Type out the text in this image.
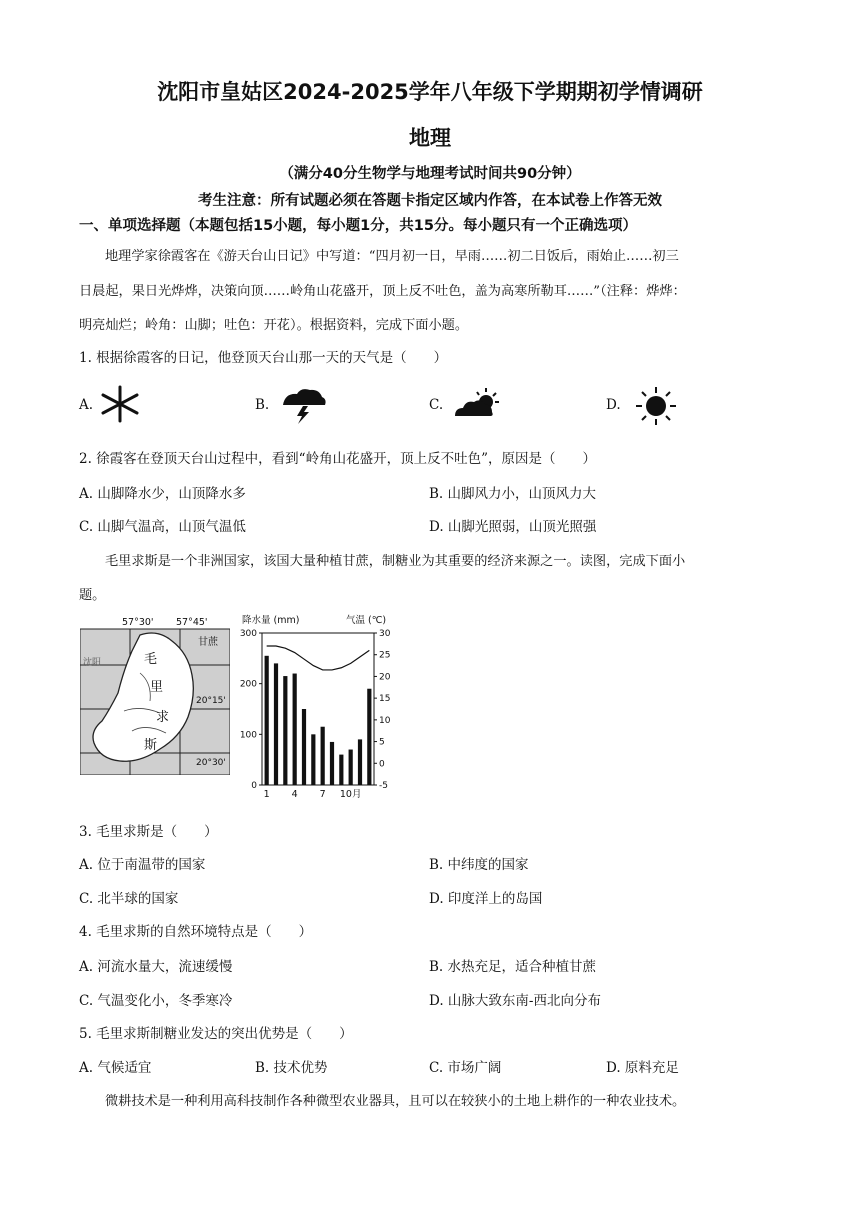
沈阳市皇姑区2024-2025学年八年级下学期期初学情调研
地理
（满分40分生物学与地理考试时间共90分钟）
考生注意：所有试题必须在答题卡指定区域内作答，在本试卷上作答无效
一、单项选择题（本题包括15小题，每小题1分，共15分。每小题只有一个正确选项）
地理学家徐霞客在《游天台山日记》中写道：“四月初一日，早雨……初二日饭后，雨始止……初三
日晨起，果日光烨烨，决策向顶……岭角山花盛开，顶上反不吐色，盖为高寒所勒耳……”（注释：烨烨：
明亮灿烂；岭角：山脚；吐色：开花）。根据资料，完成下面小题。
1. 根据徐霞客的日记，他登顶天台山那一天的天气是（　　）
A.	B.	C.	D.
2. 徐霞客在登顶天台山过程中，看到“岭角山花盛开，顶上反不吐色”，原因是（　　）
A. 山脚降水少，山顶降水多	B. 山脚风力小，山顶风力大
C. 山脚气温高，山顶气温低	D. 山脚光照弱，山顶光照强
毛里求斯是一个非洲国家，该国大量种植甘蔗，制糖业为其重要的经济来源之一。读图，完成下面小
题。
57°30' 57°45'
20°15'
20°30'
甘蔗
沈阳	毛
里
求
斯
降水量 (mm)	气温 (℃)
300
200
100
0
30
25
20
15
10
5
0
-5
1 4 7 10月
3. 毛里求斯是（　　）
A. 位于南温带的国家	B. 中纬度的国家
C. 北半球的国家	D. 印度洋上的岛国
4. 毛里求斯的自然环境特点是（　　）
A. 河流水量大，流速缓慢	B. 水热充足，适合种植甘蔗
C. 气温变化小，冬季寒冷	D. 山脉大致东南-西北向分布
5. 毛里求斯制糖业发达的突出优势是（　　）
A. 气候适宜	B. 技术优势	C. 市场广阔	D. 原料充足
微耕技术是一种利用高科技制作各种微型农业器具，且可以在较狭小的土地上耕作的一种农业技术。
